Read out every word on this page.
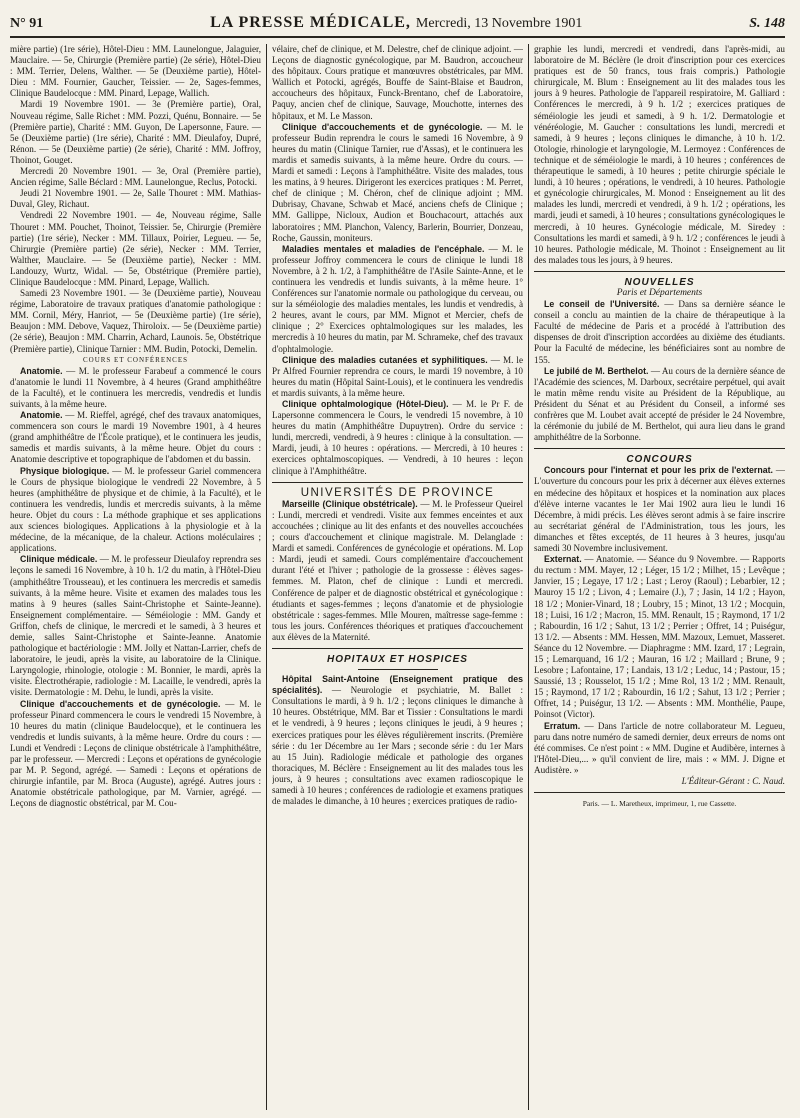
N° 91	LA PRESSE MÉDICALE, Mercredi, 13 Novembre 1901	S. 148

mière partie) (1re série), Hôtel-Dieu : MM. Launelongue, Jalaguier, Mauclaire. — 5e, Chirurgie (Première partie) (2e série), Hôtel-Dieu : MM. Terrier, Delens, Walther. — 5e (Deuxième partie), Hôtel-Dieu : MM. Fournier, Gaucher, Teissier. — 2e, Sages-femmes, Clinique Baudelocque : MM. Pinard, Lepage, Wallich.

Mardi 19 Novembre 1901. — 3e (Première partie), Oral, Nouveau régime, Salle Richet : MM. Pozzi, Quénu, Bonnaire. — 5e (Première partie), Charité : MM. Guyon, De Lapersonne, Faure. — 5e (Deuxième partie) (1re série), Charité : MM. Dieulafoy, Dupré, Rénon. — 5e (Deuxième partie) (2e série), Charité : MM. Joffroy, Thoinot, Gouget.

Mercredi 20 Novembre 1901. — 3e, Oral (Première partie), Ancien régime, Salle Béclard : MM. Launelongue, Reclus, Potocki.

Jeudi 21 Novembre 1901. — 2e, Salle Thouret : MM. Mathias-Duval, Gley, Richaut.

Vendredi 22 Novembre 1901. — 4e, Nouveau régime, Salle Thouret : MM. Pouchet, Thoinot, Teissier. 5e, Chirurgie (Première partie) (1re série), Necker : MM. Tillaux, Poirier, Legueu. — 5e, Chirurgie (Première partie) (2e série), Necker : MM. Terrier, Walther, Mauclaire. — 5e (Deuxième partie), Necker : MM. Landouzy, Wurtz, Widal. — 5e, Obstétrique (Première partie), Clinique Baudelocque : MM. Pinard, Lepage, Wallich.

Samedi 23 Novembre 1901. — 3e (Deuxième partie), Nouveau régime, Laboratoire de travaux pratiques d'anatomie pathologique : MM. Cornil, Méry, Hanriot, — 5e (Deuxième partie) (1re série), Beaujon : MM. Debove, Vaquez, Thiroloix. — 5e (Deuxième partie) (2e série), Beaujon : MM. Charrin, Achard, Launois. 5e, Obstétrique (Première partie), Clinique Tarnier : MM. Budin, Potocki, Demelin.

COURS ET CONFÉRENCES

Anatomie. — M. le professeur Farabeuf a commencé le cours d'anatomie le lundi 11 Novembre, à 4 heures (Grand amphithéâtre de la Faculté), et le continuera les mercredis, vendredis et lundis suivants, à la même heure.

Anatomie. — M. Rieffel, agrégé, chef des travaux anatomiques, commencera son cours le mardi 19 Novembre 1901, à 4 heures (grand amphithéâtre de l'École pratique), et le continuera les jeudis, samedis et mardis suivants, à la même heure. Objet du cours : Anatomie descriptive et topographique de l'abdomen et du bassin.

Physique biologique. — M. le professeur Gariel commencera le Cours de physique biologique le vendredi 22 Novembre, à 5 heures (amphithéâtre de physique et de chimie, à la Faculté), et le continuera les vendredis, lundis et mercredis suivants, à la même heure. Objet du cours : La méthode graphique et ses applications aux sciences biologiques. Applications à la physiologie et à la médecine, de la mécanique, de la chaleur. Actions moléculaires ; applications.

Clinique médicale. — M. le professeur Dieulafoy reprendra ses leçons le samedi 16 Novembre, à 10 h. 1/2 du matin, à l'Hôtel-Dieu (amphithéâtre Trousseau), et les continuera les mercredis et samedis suivants, à la même heure. Visite et examen des malades tous les matins à 9 heures (salles Saint-Christophe et Sainte-Jeanne). Enseignement complémentaire. — Séméiologie : MM. Gandy et Griffon, chefs de clinique, le mercredi et le samedi, à 3 heures et demie, salles Saint-Christophe et Sainte-Jeanne. Anatomie pathologique et bactériologie : MM. Jolly et Nattan-Larrier, chefs de laboratoire, le jeudi, après la visite, au laboratoire de la Clinique. Laryngologie, rhinologie, otologie : M. Bonnier, le mardi, après la visite. Électrothérapie, radiologie : M. Lacaille, le vendredi, après la visite. Dermatologie : M. Dehu, le lundi, après la visite.

Clinique d'accouchements et de gynécologie. — M. le professeur Pinard commencera le cours le vendredi 15 Novembre, à 10 heures du matin (clinique Baudelocque), et le continuera les vendredis et lundis suivants, à la même heure. Ordre du cours : — Lundi et Vendredi : Leçons de clinique obstétricale à l'amphithéâtre, par le professeur. — Mercredi : Leçons et opérations de gynécologie par M. P. Segond, agrégé. — Samedi : Leçons et opérations de chirurgie infantile, par M. Broca (Auguste), agrégé. Autres jours : Anatomie obstétricale pathologique, par M. Varnier, agrégé. — Leçons de diagnostic obstétrical, par M. Cou-

vélaire, chef de clinique, et M. Delestre, chef de clinique adjoint. — Leçons de diagnostic gynécologique, par M. Baudron, accoucheur des hôpitaux. Cours pratique et manœuvres obstétricales, par MM. Wallich et Potocki, agrégés, Bouffe de Saint-Blaise et Baudron, accoucheurs des hôpitaux, Funck-Brentano, chef de Laboratoire, Paquy, ancien chef de clinique, Sauvage, Mouchotte, internes des hôpitaux, et M. Le Masson.

Clinique d'accouchements et de gynécologie. — M. le professeur Budin reprendra le cours le samedi 16 Novembre, à 9 heures du matin (Clinique Tarnier, rue d'Assas), et le continuera les mardis et samedis suivants, à la même heure. Ordre du cours. — Mardi et samedi : Leçons à l'amphithéâtre. Visite des malades, tous les matins, à 9 heures. Dirigeront les exercices pratiques : M. Perret, chef de clinique ; M. Chéron, chef de clinique adjoint ; MM. Dubrisay, Chavane, Schwab et Macé, anciens chefs de Clinique ; MM. Gallippe, Nicloux, Audion et Bouchacourt, attachés aux laboratoires ; MM. Planchon, Valency, Barlerin, Bourrier, Donzeau, Roche, Gaussin, moniteurs.

Maladies mentales et maladies de l'encéphale. — M. le professeur Joffroy commencera le cours de clinique le lundi 18 Novembre, à 2 h. 1/2, à l'amphithéâtre de l'Asile Sainte-Anne, et le continuera les vendredis et lundis suivants, à la même heure. 1° Conférences sur l'anatomie normale ou pathologique du cerveau, ou sur la séméiologie des maladies mentales, les lundis et vendredis, à 2 heures, avant le cours, par MM. Mignot et Mercier, chefs de clinique ; 2° Exercices ophtalmologiques sur les malades, les mercredis à 10 heures du matin, par M. Schrameke, chef des travaux d'ophtalmologie.

Clinique des maladies cutanées et syphilitiques. — M. le Pr Alfred Fournier reprendra ce cours, le mardi 19 novembre, à 10 heures du matin (Hôpital Saint-Louis), et le continuera les vendredis et mardis suivants, à la même heure.

Clinique ophtalmologique (Hôtel-Dieu). — M. le Pr F. de Lapersonne commencera le Cours, le vendredi 15 novembre, à 10 heures du matin (Amphithéâtre Dupuytren). Ordre du service : lundi, mercredi, vendredi, à 9 heures : clinique à la consultation. — Mardi, jeudi, à 10 heures : opérations. — Mercredi, à 10 heures : exercices ophtalmoscopiques. — Vendredi, à 10 heures : leçon clinique à l'Amphithéâtre.

UNIVERSITÉS DE PROVINCE

Marseille (Clinique obstétricale). — M. le Professeur Queirel : Lundi, mercredi et vendredi. Visite aux femmes enceintes et aux accouchées ; clinique au lit des enfants et des nouvelles accouchées ; cours d'accouchement et clinique magistrale. M. Delanglade : Mardi et samedi. Conférences de gynécologie et opérations. M. Lop : Mardi, jeudi et samedi. Cours complémentaire d'accouchement durant l'été et l'hiver ; pathologie de la grossesse : élèves sages-femmes. M. Platon, chef de clinique : Lundi et mercredi. Conférence de palper et de diagnostic obstétrical et gynécologique : étudiants et sages-femmes ; leçons d'anatomie et de physiologie obstétricale : sages-femmes. Mlle Mouren, maîtresse sage-femme : tous les jours. Conférences théoriques et pratiques d'accouchement aux élèves de la Maternité.

HOPITAUX ET HOSPICES

Hôpital Saint-Antoine (Enseignement pratique des spécialités). — Neurologie et psychiatrie, M. Ballet : Consultations le mardi, à 9 h. 1/2 ; leçons cliniques le dimanche à 10 heures. Obstétrique, MM. Bar et Tissier : Consultations le mardi et le vendredi, à 9 heures ; leçons cliniques le jeudi, à 9 heures ; exercices pratiques pour les élèves régulièrement inscrits. (Première série : du 1er Décembre au 1er Mars ; seconde série : du 1er Mars au 15 Juin). Radiologie médicale et pathologie des organes thoraciques, M. Béclère : Enseignement au lit des malades tous les jours, à 9 heures ; consultations avec examen radioscopique le samedi à 10 heures ; conférences de radiologie et examens pratiques de malades le dimanche, à 10 heures ; exercices pratiques de radio-

graphie les lundi, mercredi et vendredi, dans l'après-midi, au laboratoire de M. Béclère (le droit d'inscription pour ces exercices pratiques est de 50 francs, tous frais compris.) Pathologie chirurgicale, M. Blum : Enseignement au lit des malades tous les jours à 9 heures. Pathologie de l'appareil respiratoire, M. Galliard : Conférences le mercredi, à 9 h. 1/2 ; exercices pratiques de séméiologie les jeudi et samedi, à 9 h. 1/2. Dermatologie et vénéréologie, M. Gaucher : consultations les lundi, mercredi et samedi, à 9 heures ; leçons cliniques le dimanche, à 10 h. 1/2. Otologie, rhinologie et laryngologie, M. Lermoyez : Conférences de technique et de séméiologie le mardi, à 10 heures ; conférences de thérapeutique le samedi, à 10 heures ; petite chirurgie spéciale le lundi, à 10 heures ; opérations, le vendredi, à 10 heures. Pathologie et gynécologie chirurgicales, M. Monod : Enseignement au lit des malades les lundi, mercredi et vendredi, à 9 h. 1/2 ; opérations, les mardi, jeudi et samedi, à 10 heures ; consultations gynécologiques le mercredi, à 10 heures. Gynécologie médicale, M. Siredey : Consultations les mardi et samedi, à 9 h. 1/2 ; conférences le jeudi à 10 heures. Pathologie médicale, M. Thoinot : Enseignement au lit des malades tous les jours, à 9 heures.

NOUVELLES

Paris et Départements

Le conseil de l'Université. — Dans sa dernière séance le conseil a conclu au maintien de la chaire de thérapeutique à la Faculté de médecine de Paris et a procédé à l'attribution des dispenses de droit d'inscription accordées au dixième des étudiants. Pour la Faculté de médecine, les bénéficiaires sont au nombre de 155.

Le jubilé de M. Berthelot. — Au cours de la dernière séance de l'Académie des sciences, M. Darboux, secrétaire perpétuel, qui avait le matin même rendu visite au Président de la République, au Président du Sénat et au Président du Conseil, a informé ses confrères que M. Loubet avait accepté de présider le 24 Novembre, la cérémonie du jubilé de M. Berthelot, qui aura lieu dans le grand amphithéâtre de la Sorbonne.

CONCOURS

Concours pour l'internat et pour les prix de l'externat. — L'ouverture du concours pour les prix à décerner aux élèves externes en médecine des hôpitaux et hospices et la nomination aux places d'élève interne vacantes le 1er Mai 1902 aura lieu le lundi 16 Décembre, à midi précis. Les élèves seront admis à se faire inscrire au secrétariat général de l'Administration, tous les jours, les dimanches et fêtes exceptés, de 11 heures à 3 heures, jusqu'au samedi 30 Novembre inclusivement.

Externat. — Anatomie. — Séance du 9 Novembre. — Rapports du rectum : MM. Mayer, 12 ; Léger, 15 1/2 ; Milhet, 15 ; Levêque ; Janvier, 15 ; Legaye, 17 1/2 ; Last ; Leroy (Raoul) ; Lebarbier, 12 ; Mauroy 15 1/2 ; Livon, 4 ; Lemaire (J.), 7 ; Jasin, 14 1/2 ; Hayon, 18 1/2 ; Monier-Vinard, 18 ; Loubry, 15 ; Minot, 13 1/2 ; Mocquin, 18 ; Luisi, 16 1/2 ; Macron, 15. MM. Renault, 15 ; Raymond, 17 1/2 ; Rabourdin, 16 1/2 ; Sahut, 13 1/2 ; Perrier ; Offret, 14 ; Puiségur, 13 1/2. — Absents : MM. Hessen, MM. Mazoux, Lemuet, Masseret. Séance du 12 Novembre. — Diaphragme : MM. Izard, 17 ; Legrain, 15 ; Lemarquand, 16 1/2 ; Mauran, 16 1/2 ; Maillard ; Brune, 9 ; Lesobre ; Lafontaine, 17 ; Landais, 13 1/2 ; Leduc, 14 ; Pastour, 15 ; Saussié, 13 ; Rousselot, 15 1/2 ; Mme Rol, 13 1/2 ; MM. Renault, 15 ; Raymond, 17 1/2 ; Rabourdin, 16 1/2 ; Sahut, 13 1/2 ; Perrier ; Offret, 14 ; Puiségur, 13 1/2. — Absents : MM. Monthélie, Paupe, Poinsot (Victor).

Erratum. — Dans l'article de notre collaborateur M. Legueu, paru dans notre numéro de samedi dernier, deux erreurs de noms ont été commises. Ce n'est point : « MM. Dugine et Audibère, internes à l'Hôtel-Dieu,... » qu'il convient de lire, mais : « MM. J. Digne et Audistère. »

L'Éditeur-Gérant : C. Naud.

Paris. — L. Maretheux, imprimeur, 1, rue Cassette.
